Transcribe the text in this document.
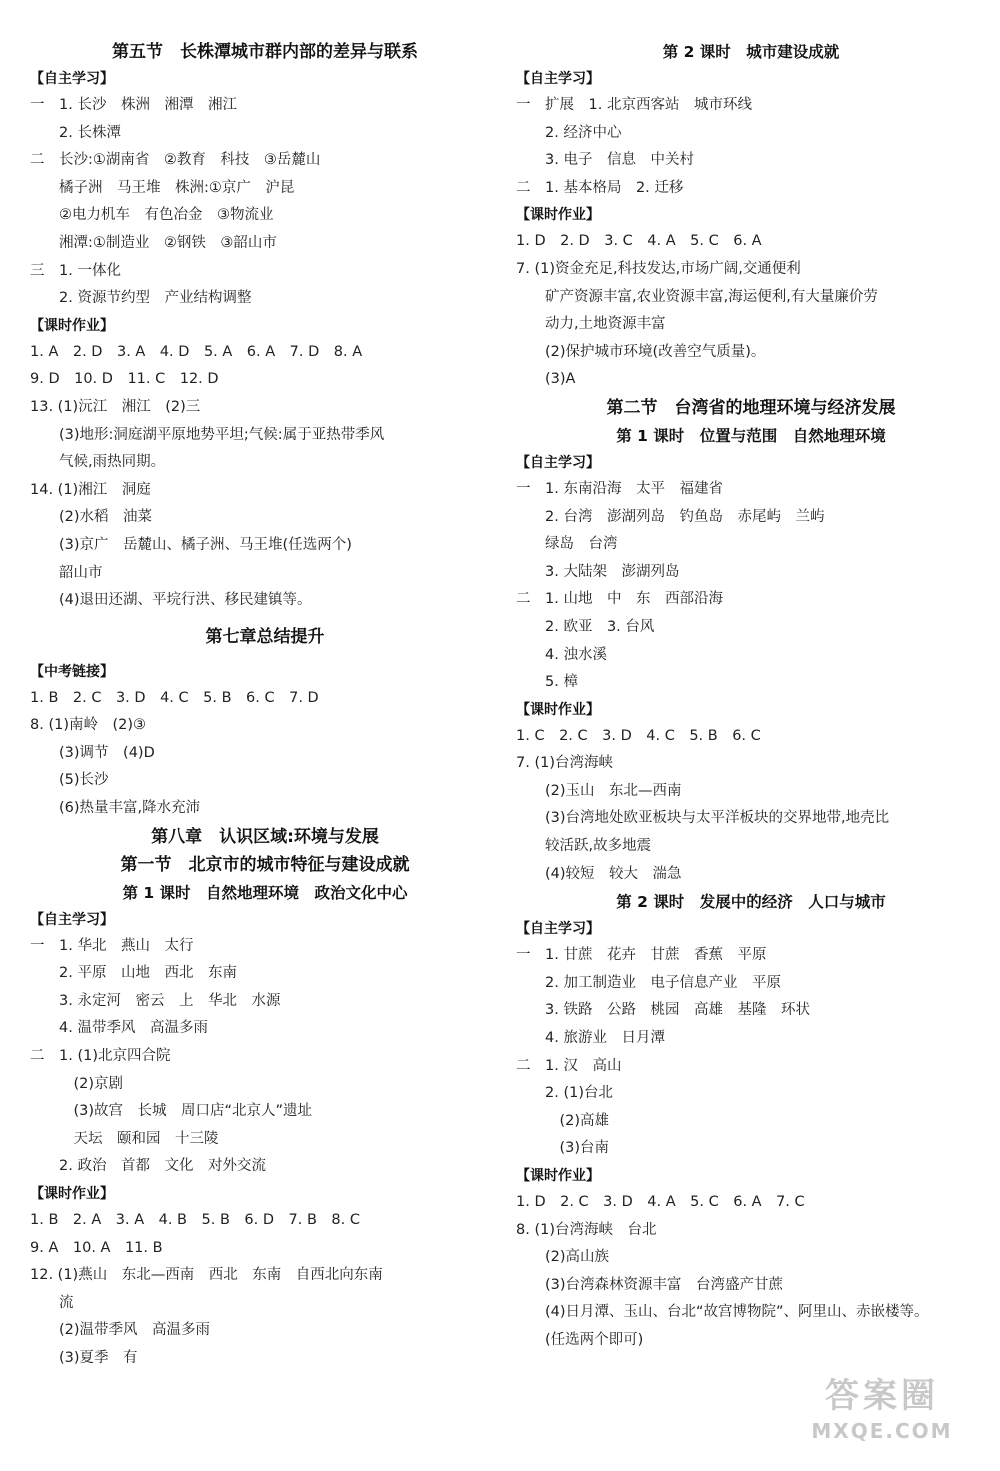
第五节　长株潭城市群内部的差异与联系
【自主学习】
一　1. 长沙　株洲　湘潭　湘江
　　2. 长株潭
二　长沙:①湖南省　②教育　科技　③岳麓山
　　橘子洲　马王堆　株洲:①京广　沪昆
　　②电力机车　有色冶金　③物流业
　　湘潭:①制造业　②钢铁　③韶山市
三　1. 一体化
　　2. 资源节约型　产业结构调整
【课时作业】
1. A　2. D　3. A　4. D　5. A　6. A　7. D　8. A
9. D　10. D　11. C　12. D
13. (1)沅江　湘江　(2)三
　　(3)地形:洞庭湖平原地势平坦;气候:属于亚热带季风
　　气候,雨热同期。
14. (1)湘江　洞庭
　　(2)水稻　油菜
　　(3)京广　岳麓山、橘子洲、马王堆(任选两个)
　　韶山市
　　(4)退田还湖、平垸行洪、移民建镇等。
第七章总结提升
【中考链接】
1. B　2. C　3. D　4. C　5. B　6. C　7. D
8. (1)南岭　(2)③
　　(3)调节　(4)D
　　(5)长沙
　　(6)热量丰富,降水充沛
第八章　认识区域:环境与发展
第一节　北京市的城市特征与建设成就
第 1 课时　自然地理环境　政治文化中心
【自主学习】
一　1. 华北　燕山　太行
　　2. 平原　山地　西北　东南
　　3. 永定河　密云　上　华北　水源
　　4. 温带季风　高温多雨
二　1. (1)北京四合院
　　　(2)京剧
　　　(3)故宫　长城　周口店“北京人”遗址
　　　天坛　颐和园　十三陵
　　2. 政治　首都　文化　对外交流
【课时作业】
1. B　2. A　3. A　4. B　5. B　6. D　7. B　8. C
9. A　10. A　11. B
12. (1)燕山　东北—西南　西北　东南　自西北向东南
　　流
　　(2)温带季风　高温多雨
　　(3)夏季　有
第 2 课时　城市建设成就
【自主学习】
一　扩展　1. 北京西客站　城市环线
　　2. 经济中心
　　3. 电子　信息　中关村
二　1. 基本格局　2. 迁移
【课时作业】
1. D　2. D　3. C　4. A　5. C　6. A
7. (1)资金充足,科技发达,市场广阔,交通便利
　　矿产资源丰富,农业资源丰富,海运便利,有大量廉价劳
　　动力,土地资源丰富
　　(2)保护城市环境(改善空气质量)。
　　(3)A
第二节　台湾省的地理环境与经济发展
第 1 课时　位置与范围　自然地理环境
【自主学习】
一　1. 东南沿海　太平　福建省
　　2. 台湾　澎湖列岛　钓鱼岛　赤尾屿　兰屿
　　绿岛　台湾
　　3. 大陆架　澎湖列岛
二　1. 山地　中　东　西部沿海
　　2. 欧亚　3. 台风
　　4. 浊水溪
　　5. 樟
【课时作业】
1. C　2. C　3. D　4. C　5. B　6. C
7. (1)台湾海峡
　　(2)玉山　东北—西南
　　(3)台湾地处欧亚板块与太平洋板块的交界地带,地壳比
　　较活跃,故多地震
　　(4)较短　较大　湍急
第 2 课时　发展中的经济　人口与城市
【自主学习】
一　1. 甘蔗　花卉　甘蔗　香蕉　平原
　　2. 加工制造业　电子信息产业　平原
　　3. 铁路　公路　桃园　高雄　基隆　环状
　　4. 旅游业　日月潭
二　1. 汉　高山
　　2. (1)台北
　　　(2)高雄
　　　(3)台南
【课时作业】
1. D　2. C　3. D　4. A　5. C　6. A　7. C
8. (1)台湾海峡　台北
　　(2)高山族
　　(3)台湾森林资源丰富　台湾盛产甘蔗
　　(4)日月潭、玉山、台北“故宫博物院”、阿里山、赤嵌楼等。
　　(任选两个即可)
答案圈
MXQE.COM
